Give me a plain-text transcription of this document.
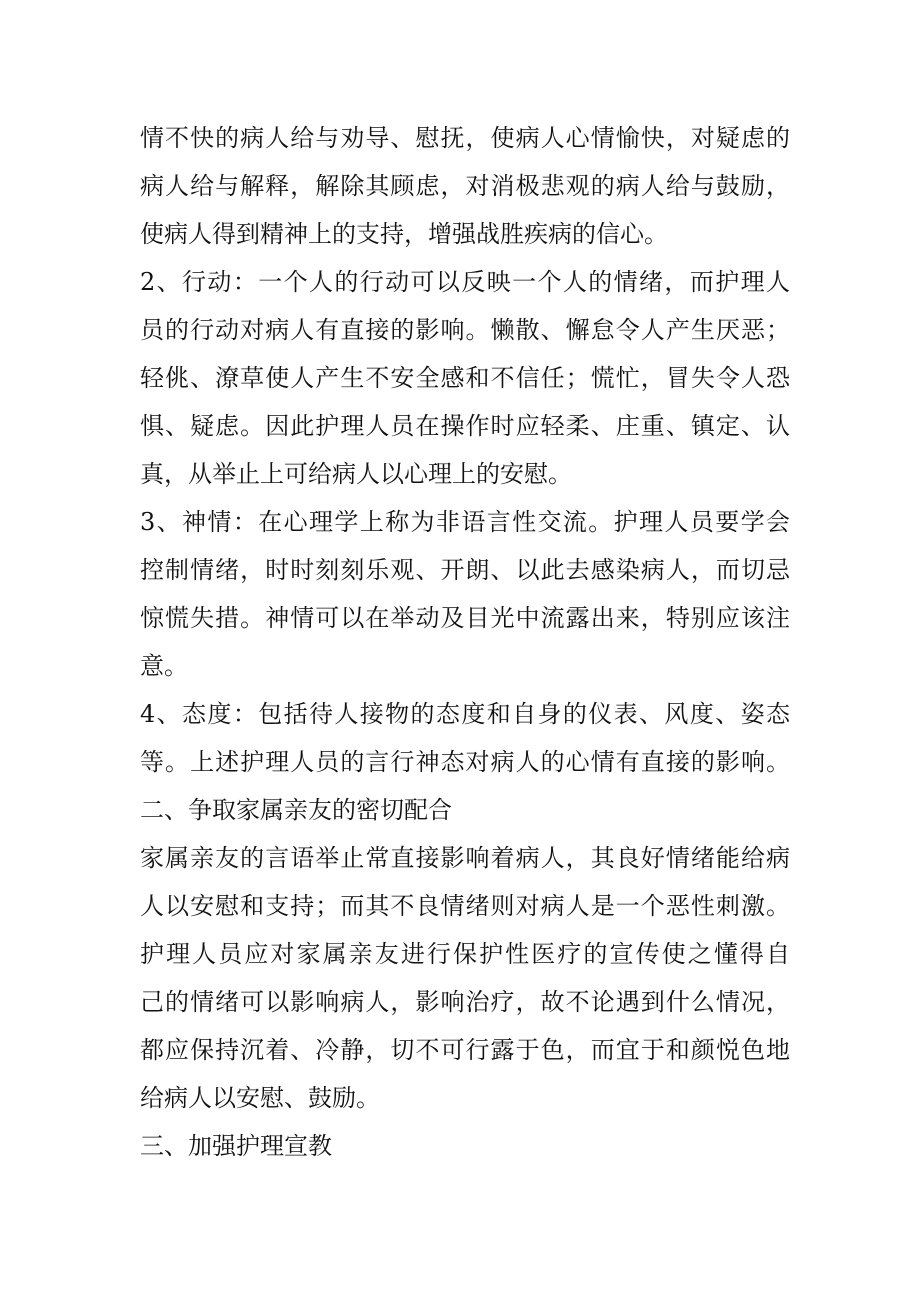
情不快的病人给与劝导、慰抚，使病人心情愉快，对疑虑的
病人给与解释，解除其顾虑，对消极悲观的病人给与鼓励，
使病人得到精神上的支持，增强战胜疾病的信心。
2、行动：一个人的行动可以反映一个人的情绪，而护理人
员的行动对病人有直接的影响。懒散、懈怠令人产生厌恶；
轻佻、潦草使人产生不安全感和不信任；慌忙，冒失令人恐
惧、疑虑。因此护理人员在操作时应轻柔、庄重、镇定、认
真，从举止上可给病人以心理上的安慰。
3、神情：在心理学上称为非语言性交流。护理人员要学会
控制情绪，时时刻刻乐观、开朗、以此去感染病人，而切忌
惊慌失措。神情可以在举动及目光中流露出来，特别应该注
意。
4、态度：包括待人接物的态度和自身的仪表、风度、姿态
等。上述护理人员的言行神态对病人的心情有直接的影响。
二、争取家属亲友的密切配合
家属亲友的言语举止常直接影响着病人，其良好情绪能给病
人以安慰和支持；而其不良情绪则对病人是一个恶性刺激。
护理人员应对家属亲友进行保护性医疗的宣传使之懂得自
己的情绪可以影响病人，影响治疗，故不论遇到什么情况，
都应保持沉着、冷静，切不可行露于色，而宜于和颜悦色地
给病人以安慰、鼓励。
三、加强护理宣教
